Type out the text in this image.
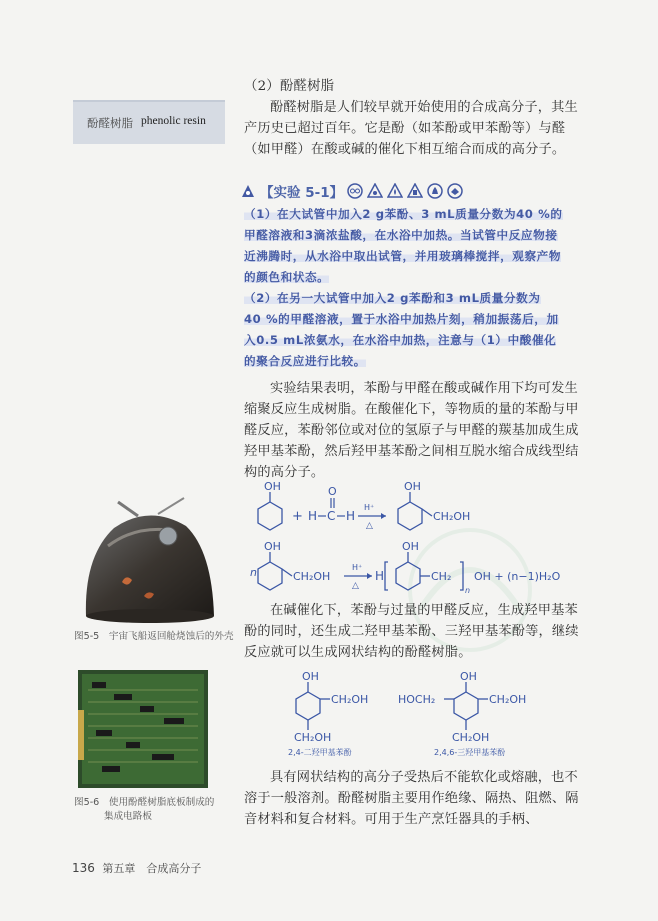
（2）酚醛树脂
酚醛树脂是人们较早就开始使用的合成高分子，其生产历史已超过百年。它是酚（如苯酚或甲苯酚等）与醛（如甲醛）在酸或碱的催化下相互缩合而成的高分子。
酚醛树脂 phenolic resin
【实验 5-1】
（1）在大试管中加入2 g苯酚、3 mL质量分数为40 %的
甲醛溶液和3滴浓盐酸，在水浴中加热。当试管中反应物接
近沸腾时，从水浴中取出试管，并用玻璃棒搅拌，观察产物
的颜色和状态。
（2）在另一大试管中加入2 g苯酚和3 mL质量分数为
40 %的甲醛溶液，置于水浴中加热片刻，稍加振荡后，加
入0.5 mL浓氨水，在水浴中加热，注意与（1）中酸催化
的聚合反应进行比较。
实验结果表明，苯酚与甲醛在酸或碱作用下均可发生缩聚反应生成树脂。在酸催化下，等物质的量的苯酚与甲醛反应，苯酚邻位或对位的氢原子与甲醛的羰基加成生成羟甲基苯酚，然后羟甲基苯酚之间相互脱水缩合成线型结构的高分子。
OH
+ H C
O
H
H⁺
△
OH
CH₂OH
n
OH
CH₂OH
H⁺
△
H
OH
CH₂
n
OH + (n−1)H₂O
在碱催化下，苯酚与过量的甲醛反应，生成羟甲基苯酚的同时，还生成二羟甲基苯酚、三羟甲基苯酚等，继续反应就可以生成网状结构的酚醛树脂。
OH
CH₂OH
CH₂OH
2,4-二羟甲基苯酚
OH
HOCH₂	CH₂OH
CH₂OH
2,4,6-三羟甲基苯酚
具有网状结构的高分子受热后不能软化或熔融，也不溶于一般溶剂。酚醛树脂主要用作绝缘、隔热、阻燃、隔音材料和复合材料。可用于生产烹饪器具的手柄、
图5-5　 宇宙飞船返回舱烧蚀后的外壳
图5-6　 使用酚醛树脂底板制成的
集成电路板
136 第五章　合成高分子
